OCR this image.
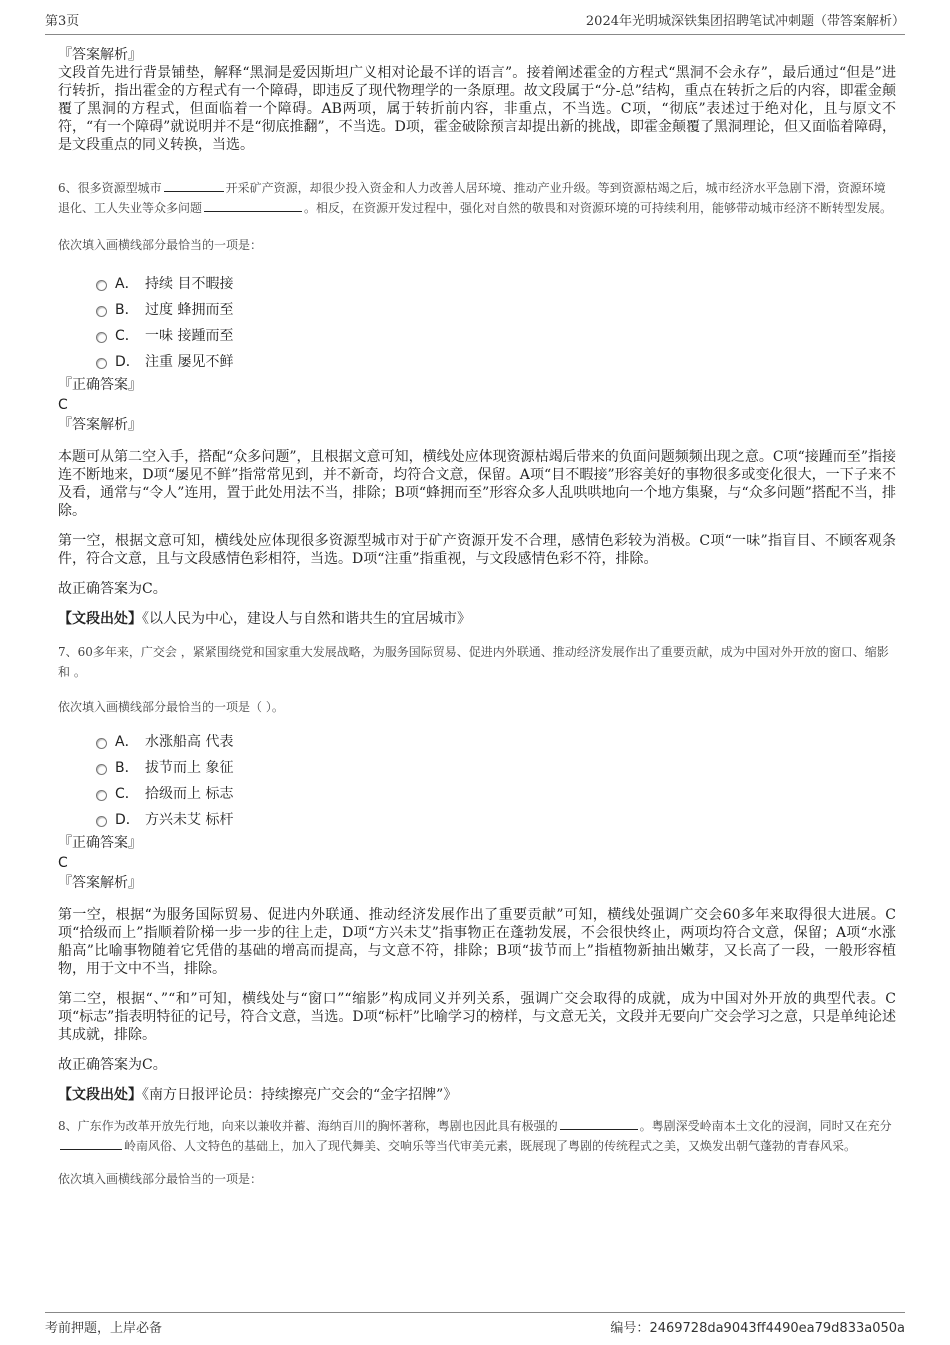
第3页	2024年光明城深铁集团招聘笔试冲刺题（带答案解析）

『答案解析』

文段首先进行背景铺垫，解释“黑洞是爱因斯坦广义相对论最不详的语言”。接着阐述霍金的方程式“黑洞不会永存”，最后通过“但是”进行转折，指出霍金的方程式有一个障碍，即违反了现代物理学的一条原理。故文段属于“分-总”结构，重点在转折之后的内容，即霍金颠覆了黑洞的方程式，但面临着一个障碍。AB两项，属于转折前内容，非重点，不当选。C项，“彻底”表述过于绝对化，且与原文不符，“有一个障碍”就说明并不是“彻底推翻”，不当选。D项，霍金破除预言却提出新的挑战，即霍金颠覆了黑洞理论，但又面临着障碍，是文段重点的同义转换，当选。

6、很多资源型城市	开采矿产资源，却很少投入资金和人力改善人居环境、推动产业升级。等到资源枯竭之后，城市经济水平急剧下滑，资源环境退化、工人失业等众多问题	。相反，在资源开发过程中，强化对自然的敬畏和对资源环境的可持续利用，能够带动城市经济不断转型发展。

依次填入画横线部分最恰当的一项是：

A． 持续 目不暇接
B． 过度 蜂拥而至
C． 一味 接踵而至
D． 注重 屡见不鲜

『正确答案』

C

『答案解析』

本题可从第二空入手，搭配“众多问题”，且根据文意可知，横线处应体现资源枯竭后带来的负面问题频频出现之意。C项“接踵而至”指接连不断地来，D项“屡见不鲜”指常常见到，并不新奇，均符合文意，保留。A项“目不暇接”形容美好的事物很多或变化很大，一下子来不及看，通常与“令人”连用，置于此处用法不当，排除；B项“蜂拥而至”形容众多人乱哄哄地向一个地方集聚，与“众多问题”搭配不当，排除。

第一空，根据文意可知，横线处应体现很多资源型城市对于矿产资源开发不合理，感情色彩较为消极。C项“一味”指盲目、不顾客观条件，符合文意，且与文段感情色彩相符，当选。D项“注重”指重视，与文段感情色彩不符，排除。

故正确答案为C。

【文段出处】《以人民为中心，建设人与自然和谐共生的宜居城市》

7、60多年来，广交会 ，紧紧围绕党和国家重大发展战略，为服务国际贸易、促进内外联通、推动经济发展作出了重要贡献，成为中国对外开放的窗口、缩影和 。

依次填入画横线部分最恰当的一项是（ ）。

A． 水涨船高 代表
B． 拔节而上 象征
C． 拾级而上 标志
D． 方兴未艾 标杆

『正确答案』

C

『答案解析』

第一空，根据“为服务国际贸易、促进内外联通、推动经济发展作出了重要贡献”可知，横线处强调广交会60多年来取得很大进展。C项“拾级而上”指顺着阶梯一步一步的往上走，D项“方兴未艾”指事物正在蓬勃发展，不会很快终止，两项均符合文意，保留；A项“水涨船高”比喻事物随着它凭借的基础的增高而提高，与文意不符，排除；B项“拔节而上”指植物新抽出嫩芽，又长高了一段，一般形容植物，用于文中不当，排除。

第二空，根据“、”“和”可知，横线处与“窗口”“缩影”构成同义并列关系，强调广交会取得的成就，成为中国对外开放的典型代表。C项“标志”指表明特征的记号，符合文意，当选。D项“标杆”比喻学习的榜样，与文意无关，文段并无要向广交会学习之意，只是单纯论述其成就，排除。

故正确答案为C。

【文段出处】《南方日报评论员：持续擦亮广交会的“金字招牌”》

8、广东作为改革开放先行地，向来以兼收并蓄、海纳百川的胸怀著称，粤剧也因此具有极强的	。粤剧深受岭南本土文化的浸润，同时又在充分岭南风俗、人文特色的基础上，加入了现代舞美、交响乐等当代审美元素，既展现了粤剧的传统程式之美，又焕发出朝气蓬勃的青春风采。

依次填入画横线部分最恰当的一项是：

考前押题，上岸必备	编号：2469728da9043ff4490ea79d833a050a
